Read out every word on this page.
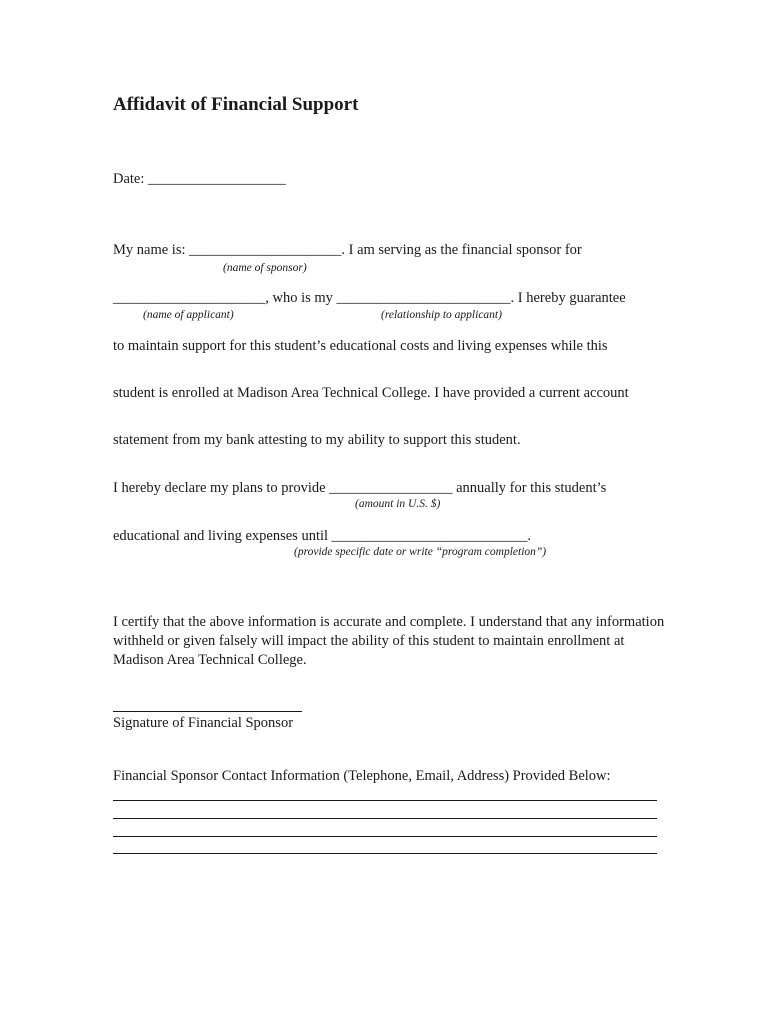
Affidavit of Financial Support
Date: ___________________
My name is: _____________________. I am serving as the financial sponsor for
(name of sponsor)
_____________________, who is my ________________________. I hereby guarantee
(name of applicant)	(relationship to applicant)
to maintain support for this student’s educational costs and living expenses while this
student is enrolled at Madison Area Technical College. I have provided a current account
statement from my bank attesting to my ability to support this student.
I hereby declare my plans to provide _________________ annually for this student’s
(amount in U.S. $)
educational and living expenses until ___________________________.
(provide specific date or write “program completion”)
I certify that the above information is accurate and complete. I understand that any information withheld or given falsely will impact the ability of this student to maintain enrollment at Madison Area Technical College.
Signature of Financial Sponsor
Financial Sponsor Contact Information (Telephone, Email, Address) Provided Below:
